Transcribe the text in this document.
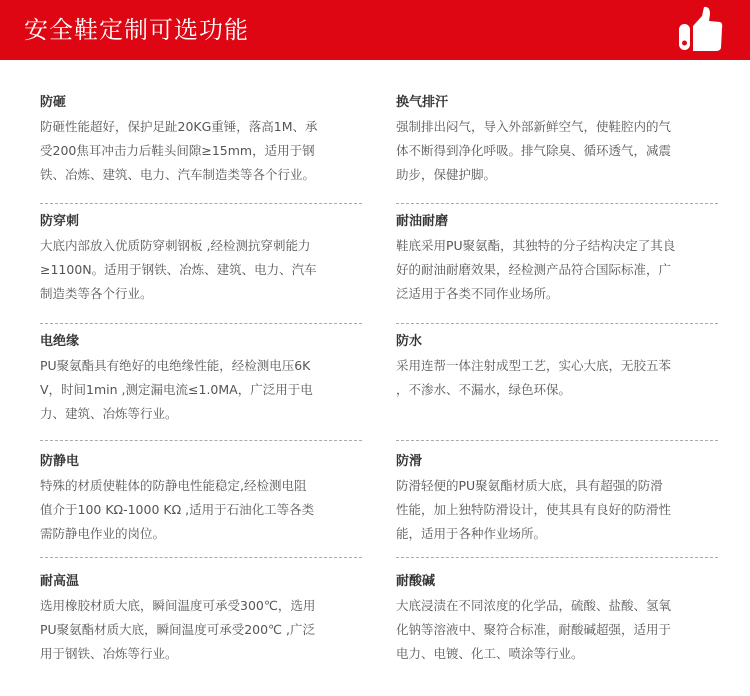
安全鞋定制可选功能
防砸
防砸性能超好，保护足趾20KG重锤，落高1M、承
受200焦耳冲击力后鞋头间隙≥15mm，适用于钢
铁、冶炼、建筑、电力、汽车制造类等各个行业。
防穿刺
大底内部放入优质防穿刺钢板 ,经检测抗穿刺能力
≥1100N。适用于钢铁、冶炼、建筑、电力、汽车
制造类等各个行业。
电绝缘
PU聚氨酯具有绝好的电绝缘性能，经检测电压6K
V，时间1min ,测定漏电流≤1.0MA，广泛用于电
力、建筑、冶炼等行业。
防静电
特殊的材质使鞋体的防静电性能稳定,经检测电阻
值介于100 KΩ-1000 KΩ ,适用于石油化工等各类
需防静电作业的岗位。
耐高温
选用橡胶材质大底，瞬间温度可承受300℃，选用
PU聚氨酯材质大底，瞬间温度可承受200℃ ,广泛
用于钢铁、冶炼等行业。
换气排汗
强制排出闷气，导入外部新鲜空气，使鞋腔内的气
体不断得到净化呼吸。排气除臭、循环透气，减震
助步，保健护脚。
耐油耐磨
鞋底采用PU聚氨酯，其独特的分子结构决定了其良
好的耐油耐磨效果，经检测产品符合国际标准，广
泛适用于各类不同作业场所。
防水
采用连帮一体注射成型工艺，实心大底，无胶五苯
，不渗水、不漏水，绿色环保。
防滑
防滑轻便的PU聚氨酯材质大底，具有超强的防滑
性能，加上独特防滑设计，使其具有良好的防滑性
能，适用于各种作业场所。
耐酸碱
大底浸渍在不同浓度的化学品，硫酸、盐酸、氢氧
化钠等溶液中、聚符合标准，耐酸碱超强，适用于
电力、电镀、化工、喷涂等行业。
